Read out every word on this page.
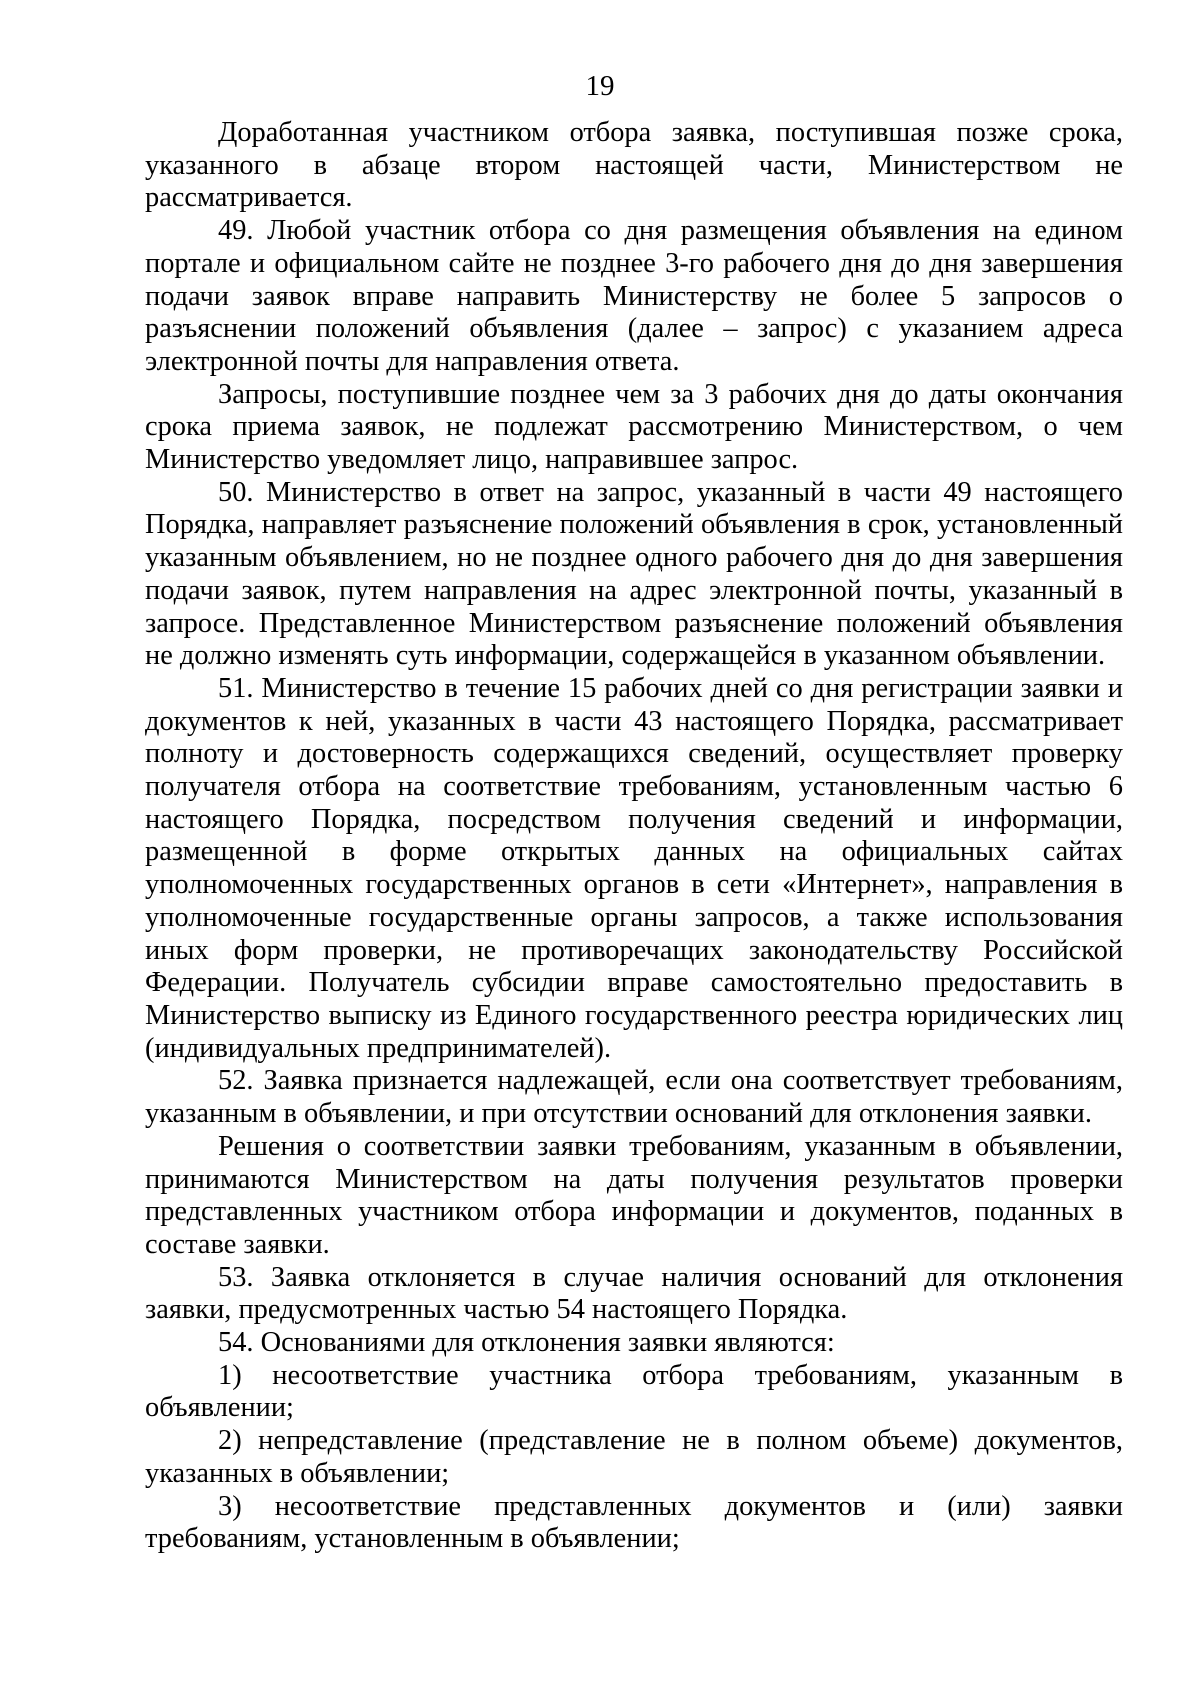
19

Доработанная участником отбора заявка, поступившая позже срока, указанного в абзаце втором настоящей части, Министерством не рассматривается.

49. Любой участник отбора со дня размещения объявления на едином портале и официальном сайте не позднее 3-го рабочего дня до дня завершения подачи заявок вправе направить Министерству не более 5 запросов о разъяснении положений объявления (далее – запрос) с указанием адреса электронной почты для направления ответа.

Запросы, поступившие позднее чем за 3 рабочих дня до даты окончания срока приема заявок, не подлежат рассмотрению Министерством, о чем Министерство уведомляет лицо, направившее запрос.

50. Министерство в ответ на запрос, указанный в части 49 настоящего Порядка, направляет разъяснение положений объявления в срок, установленный указанным объявлением, но не позднее одного рабочего дня до дня завершения подачи заявок, путем направления на адрес электронной почты, указанный в запросе. Представленное Министерством разъяснение положений объявления не должно изменять суть информации, содержащейся в указанном объявлении.

51. Министерство в течение 15 рабочих дней со дня регистрации заявки и документов к ней, указанных в части 43 настоящего Порядка, рассматривает полноту и достоверность содержащихся сведений, осуществляет проверку получателя отбора на соответствие требованиям, установленным частью 6 настоящего Порядка, посредством получения сведений и информации, размещенной в форме открытых данных на официальных сайтах уполномоченных государственных органов в сети «Интернет», направления в уполномоченные государственные органы запросов, а также использования иных форм проверки, не противоречащих законодательству Российской Федерации. Получатель субсидии вправе самостоятельно предоставить в Министерство выписку из Единого государственного реестра юридических лиц (индивидуальных предпринимателей).

52. Заявка признается надлежащей, если она соответствует требованиям, указанным в объявлении, и при отсутствии оснований для отклонения заявки.

Решения о соответствии заявки требованиям, указанным в объявлении, принимаются Министерством на даты получения результатов проверки представленных участником отбора информации и документов, поданных в составе заявки.

53. Заявка отклоняется в случае наличия оснований для отклонения заявки, предусмотренных частью 54 настоящего Порядка.

54. Основаниями для отклонения заявки являются:

1) несоответствие участника отбора требованиям, указанным в объявлении;

2) непредставление (представление не в полном объеме) документов, указанных в объявлении;

3) несоответствие представленных документов и (или) заявки требованиям, установленным в объявлении;
